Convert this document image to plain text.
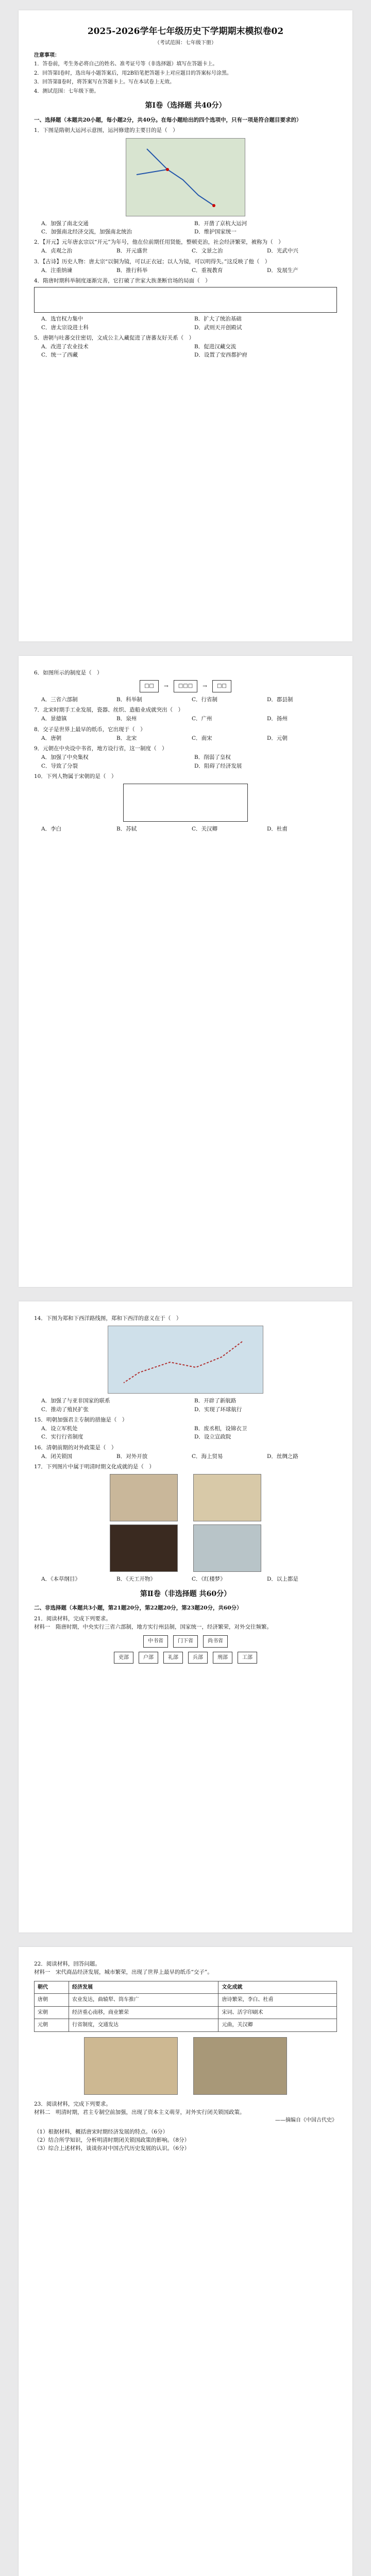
2025-2026学年七年级历史下学期期末模拟卷02
（考试范围：七年级下册）
注意事项：
1．答卷前，考生务必将自己的姓名、准考证号等（非选择题）填写在答题卡上。
2．回答第Ⅰ卷时，选出每小题答案后，用2B铅笔把答题卡上对应题目的答案标号涂黑。
3．回答第Ⅱ卷时，将答案写在答题卡上。写在本试卷上无效。
4．测试范围：七年级下册。
第Ⅰ卷（选择题 共40分）
一、选择题（本题共20小题，每小题2分，共40分。在每小题给出的四个选项中，只有一项是符合题目要求的）
1．下图是隋朝大运河示意图，运河修建的主要目的是（　）
A．加强了南北交通	B．开凿了京杭大运河
C．加强南北经济交流，加强南北统治	D．维护国家统一
2．【开元】元年唐玄宗以“开元”为年号，他在位前期任用贤能，整顿吏治，社会经济繁荣，被称为（　）
A．贞观之治	B．开元盛世	C．文景之治	D．光武中兴
3．【古诗】历史人物：唐太宗“以铜为镜，可以正衣冠；以人为镜，可以明得失。”这反映了他（　）
A．注重纳谏	B．推行科举	C．重视教育	D．发展生产
4．隋唐时期科举制度逐渐完善，它打破了世家大族垄断官场的局面（　）
A．选官权力集中	B．扩大了统治基础
C．唐太宗设进士科	D．武则天开创殿试
5．唐朝与吐蕃交往密切，文成公主入藏促进了唐蕃友好关系（　）
A．改进了农业技术	B．促进汉藏交流
C．统一了西藏	D．设置了安西都护府
6．如图所示的制度是（　）
□□	→	□□□	→	□□
A．三省六部制	B．科举制	C．行省制	D．郡县制
7．北宋时期手工业发展，瓷器、丝织、造船业成就突出（　）
A．景德镇	B．泉州	C．广州	D．扬州
8．交子是世界上最早的纸币，它出现于（　）
A．唐朝	B．北宋	C．南宋	D．元朝
9．元朝在中央设中书省，地方设行省，这一制度（　）
A．加强了中央集权	B．削弱了皇权
C．导致了分裂	D．阻碍了经济发展
10．下列人物属于宋朝的是（　）
A．李白	B．苏轼	C．关汉卿	D．杜甫
14．下图为郑和下西洋路线图，郑和下西洋的意义在于（　）
A．加强了与亚非国家的联系	B．开辟了新航路
C．推动了殖民扩张	D．实现了环球航行
15．明朝加强君主专制的措施是（　）
A．设立军机处	B．废丞相，设锦衣卫
C．实行行省制度	D．设立宣政院
16．清朝前期的对外政策是（　）
A．闭关锁国	B．对外开放	C．海上贸易	D．丝绸之路
17．下列图片中属于明清时期文化成就的是（　）
A．《本草纲目》	B．《天工开物》	C．《红楼梦》	D．以上都是
第Ⅱ卷（非选择题 共60分）
二、非选择题（本题共3小题，第21题20分，第22题20分，第23题20分，共60分）
21．阅读材料，完成下列要求。
材料一　隋唐时期，中央实行三省六部制，地方实行州县制，国家统一，经济繁荣，对外交往频繁。
中书省	门下省	尚书省
吏部	户部	礼部	兵部	刑部	工部
22．阅读材料，回答问题。
材料一　宋代商品经济发展，城市繁荣，出现了世界上最早的纸币“交子”。
朝代	经济发展	文化成就
唐朝	农业发达，曲辕犁、筒车推广	唐诗繁荣，李白、杜甫
宋朝	经济重心南移，商业繁荣	宋词、活字印刷术
元朝	行省制度，交通发达	元曲，关汉卿
23．阅读材料，完成下列要求。
材料二　明清时期，君主专制空前加强，出现了资本主义萌芽，对外实行闭关锁国政策。
——摘编自《中国古代史》
（1）根据材料，概括唐宋时期经济发展的特点。（6分）
（2）结合所学知识，分析明清时期闭关锁国政策的影响。（8分）
（3）综合上述材料，谈谈你对中国古代历史发展的认识。（6分）
